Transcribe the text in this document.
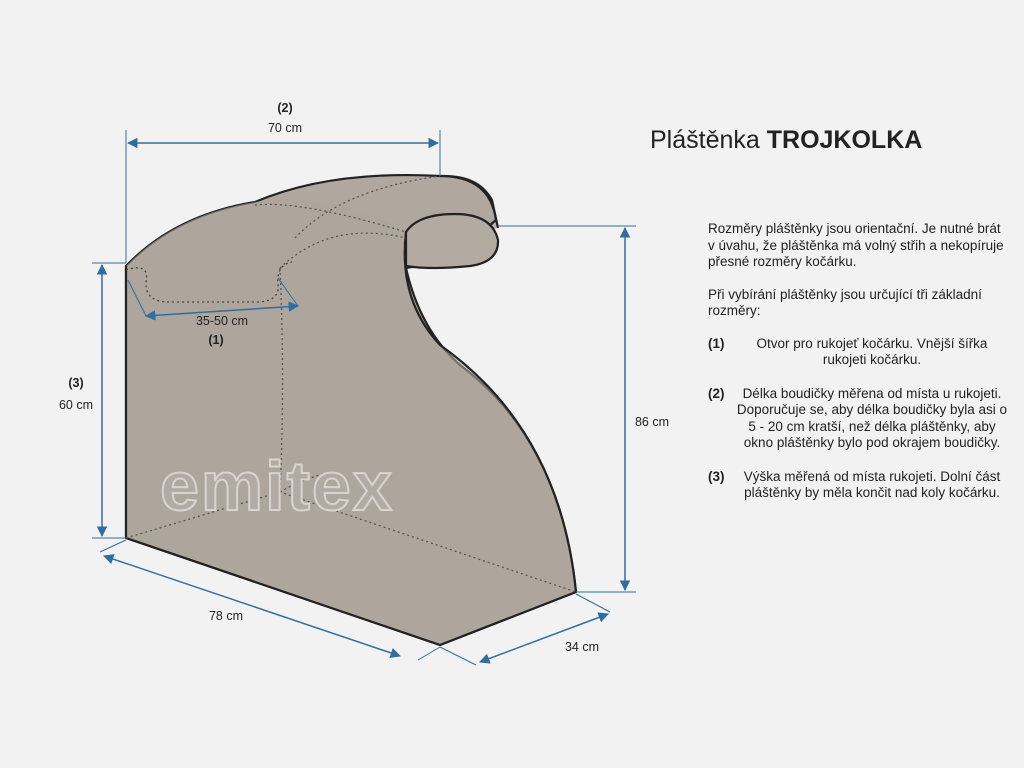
emitex
(2)
70 cm
35-50 cm
(1)
(3)
60 cm
86 cm
78 cm
34 cm
Pláštěnka TROJKOLKA

Rozměry pláštěnky jsou orientační. Je nutné brát v úvahu, že pláštěnka má volný střih a nekopíruje přesné rozměry kočárku.

Při vybírání pláštěnky jsou určující tři základní rozměry:

(1)	Otvor pro rukojeť kočárku. Vnější šířka rukojeti kočárku.
(2)	Délka boudičky měřena od místa u rukojeti. Doporučuje se, aby délka boudičky byla asi o 5 - 20 cm kratší, než délka pláštěnky, aby okno pláštěnky bylo pod okrajem boudičky.
(3)	Výška měřená od místa rukojeti. Dolní část pláštěnky by měla končit nad koly kočárku.
